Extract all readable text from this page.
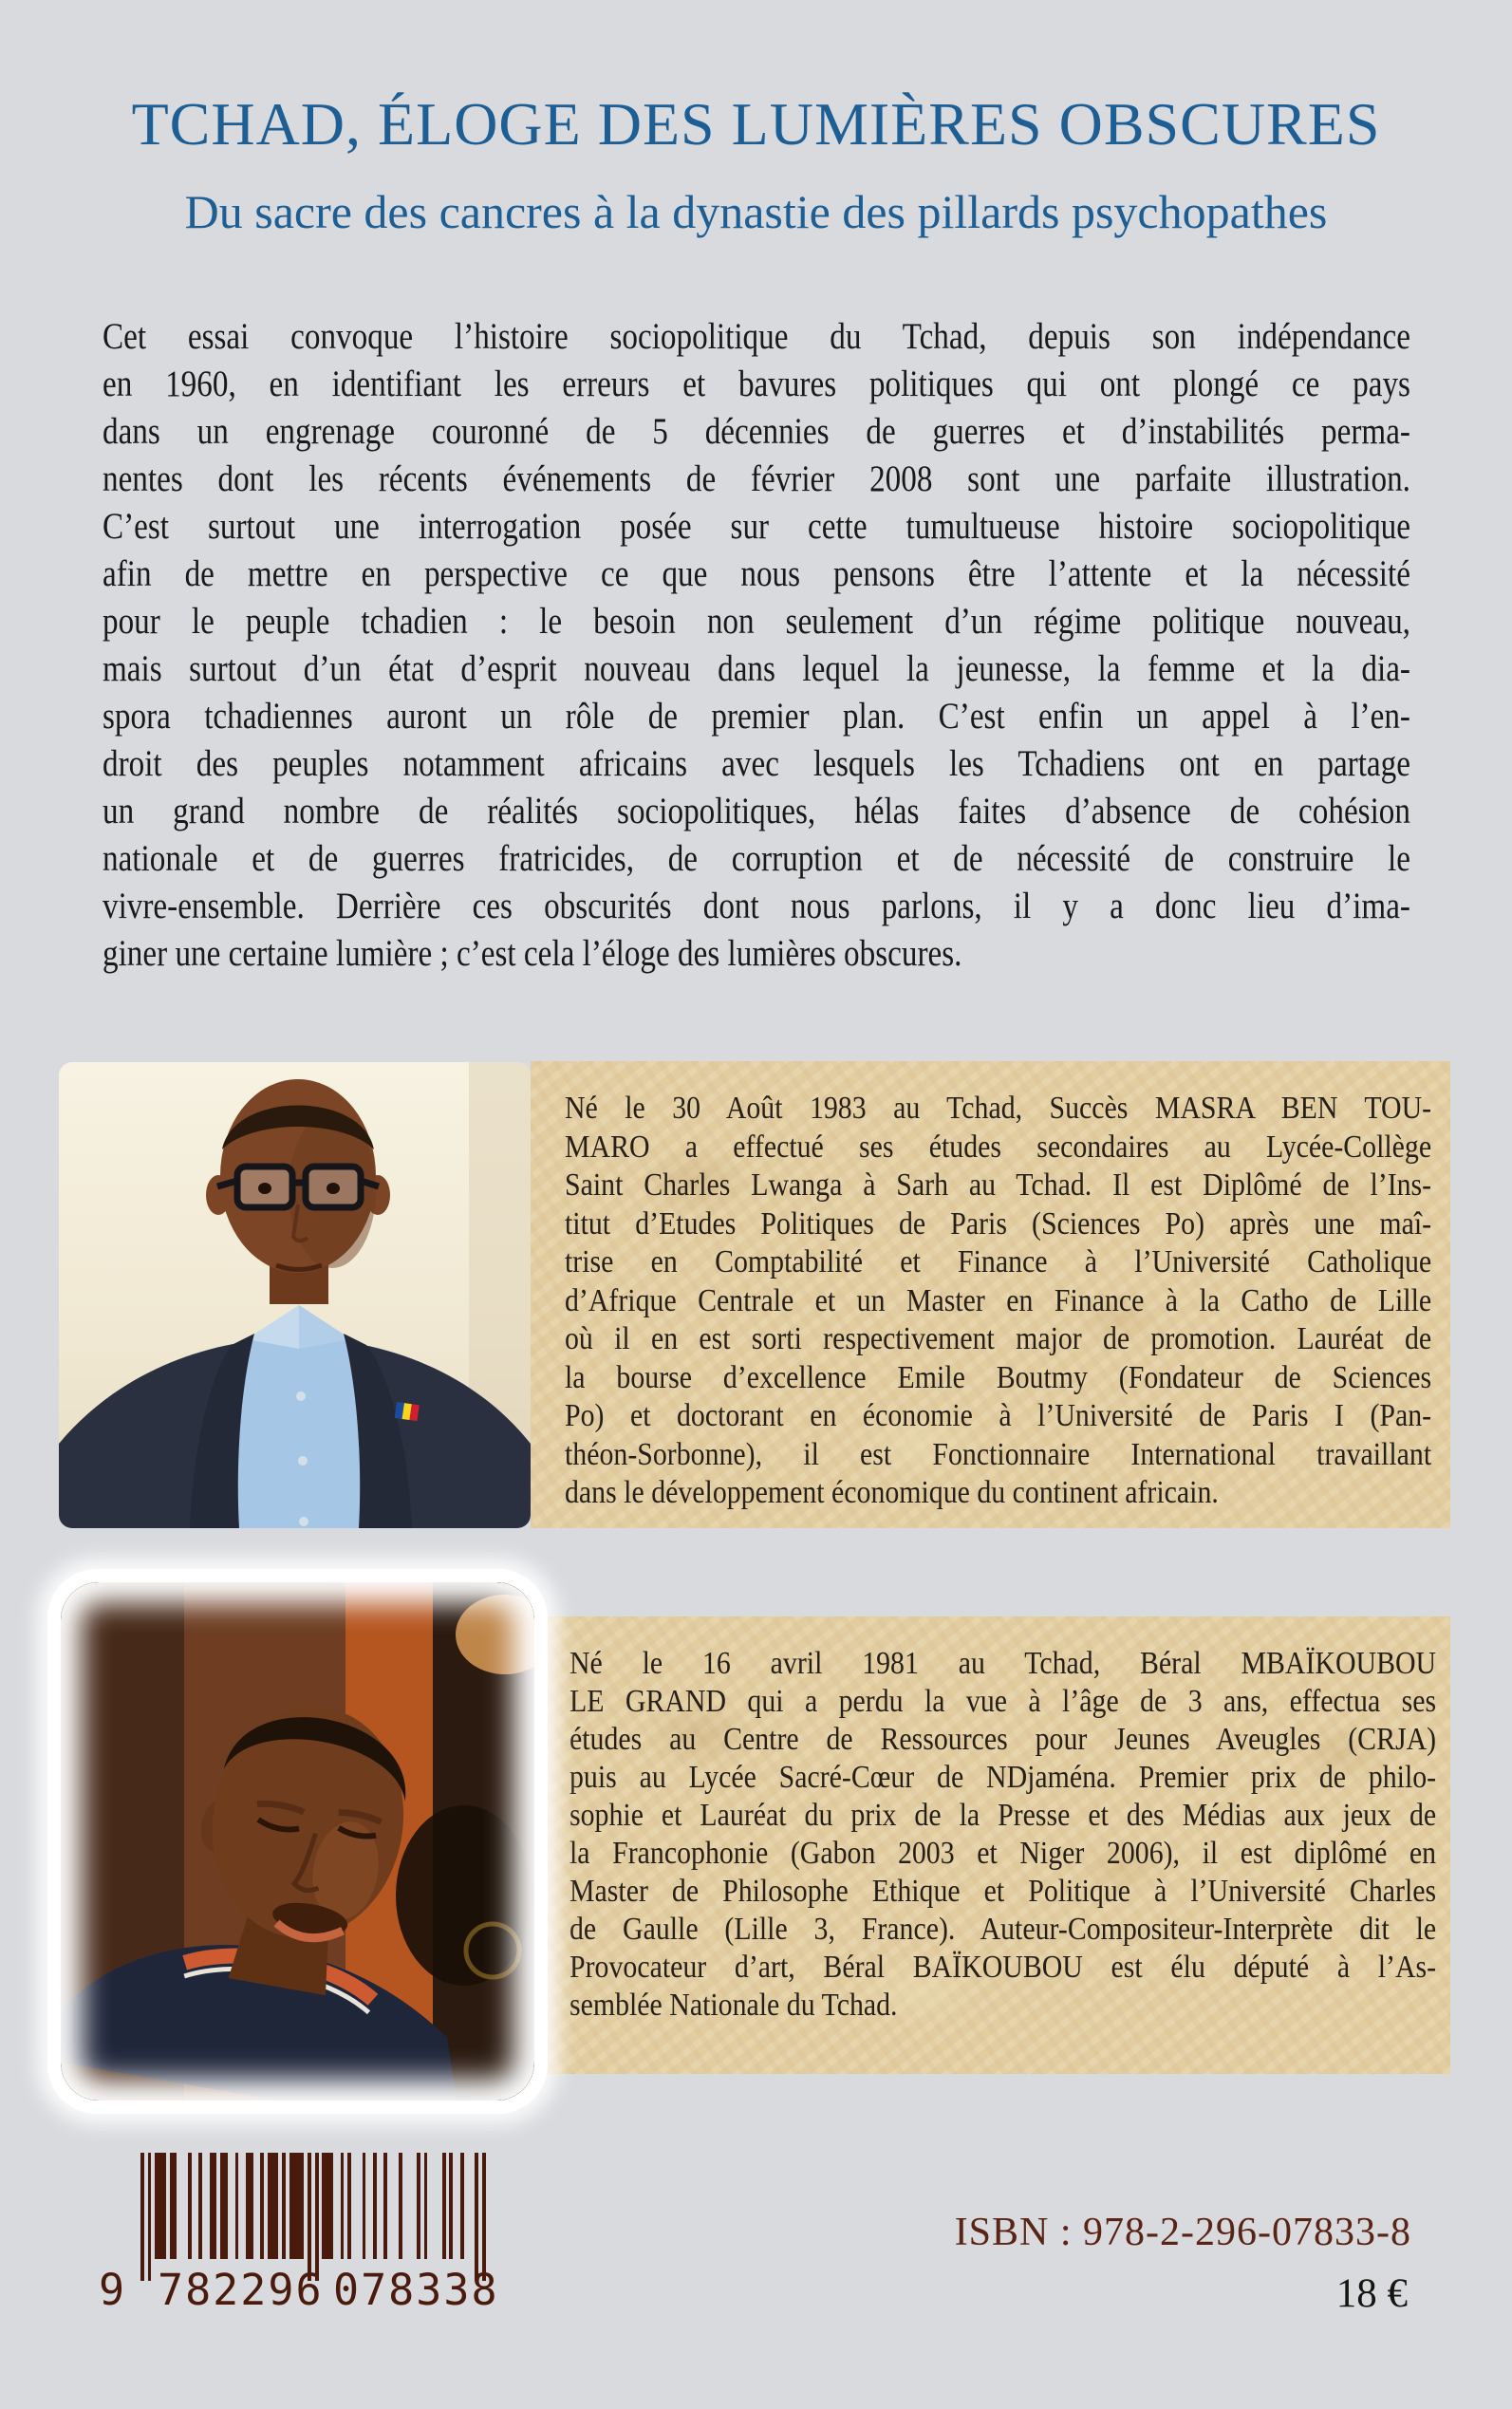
TCHAD, ÉLOGE DES LUMIÈRES OBSCURES
Du sacre des cancres à la dynastie des pillards psychopathes
Cet essai convoque l’histoire sociopolitique du Tchad, depuis son indépendance
en 1960, en identifiant les erreurs et bavures politiques qui ont plongé ce pays
dans un engrenage couronné de 5 décennies de guerres et d’instabilités perma-
nentes dont les récents événements de février 2008 sont une parfaite illustration.
C’est surtout une interrogation posée sur cette tumultueuse histoire sociopolitique
afin de mettre en perspective ce que nous pensons être l’attente et la nécessité
pour le peuple tchadien : le besoin non seulement d’un régime politique nouveau,
mais surtout d’un état d’esprit nouveau dans lequel la jeunesse, la femme et la dia-
spora tchadiennes auront un rôle de premier plan. C’est enfin un appel à l’en-
droit des peuples notamment africains avec lesquels les Tchadiens ont en partage
un grand nombre de réalités sociopolitiques, hélas faites d’absence de cohésion
nationale et de guerres fratricides, de corruption et de nécessité de construire le
vivre-ensemble. Derrière ces obscurités dont nous parlons, il y a donc lieu d’ima-
giner une certaine lumière ; c’est cela l’éloge des lumières obscures.
Né le 30 Août 1983 au Tchad, Succès MASRA BEN TOU-
MARO a effectué ses études secondaires au Lycée-Collège
Saint Charles Lwanga à Sarh au Tchad. Il est Diplômé de l’Ins-
titut d’Etudes Politiques de Paris (Sciences Po) après une maî-
trise en Comptabilité et Finance à l’Université Catholique
d’Afrique Centrale et un Master en Finance à la Catho de Lille
où il en est sorti respectivement major de promotion. Lauréat de
la bourse d’excellence Emile Boutmy (Fondateur de Sciences
Po) et doctorant en économie à l’Université de Paris I (Pan-
théon-Sorbonne), il est Fonctionnaire International travaillant
dans le développement économique du continent africain.
Né le 16 avril 1981 au Tchad, Béral MBAÏKOUBOU
LE GRAND qui a perdu la vue à l’âge de 3 ans, effectua ses
études au Centre de Ressources pour Jeunes Aveugles (CRJA)
puis au Lycée Sacré-Cœur de NDjaména. Premier prix de philo-
sophie et Lauréat du prix de la Presse et des Médias aux jeux de
la Francophonie (Gabon 2003 et Niger 2006), il est diplômé en
Master de Philosophe Ethique et Politique à l’Université Charles
de Gaulle (Lille 3, France). Auteur-Compositeur-Interprète dit le
Provocateur d’art, Béral BAÏKOUBOU est élu député à l’As-
semblée Nationale du Tchad.
9 782296 078338
ISBN : 978-2-296-07833-8
18 €
